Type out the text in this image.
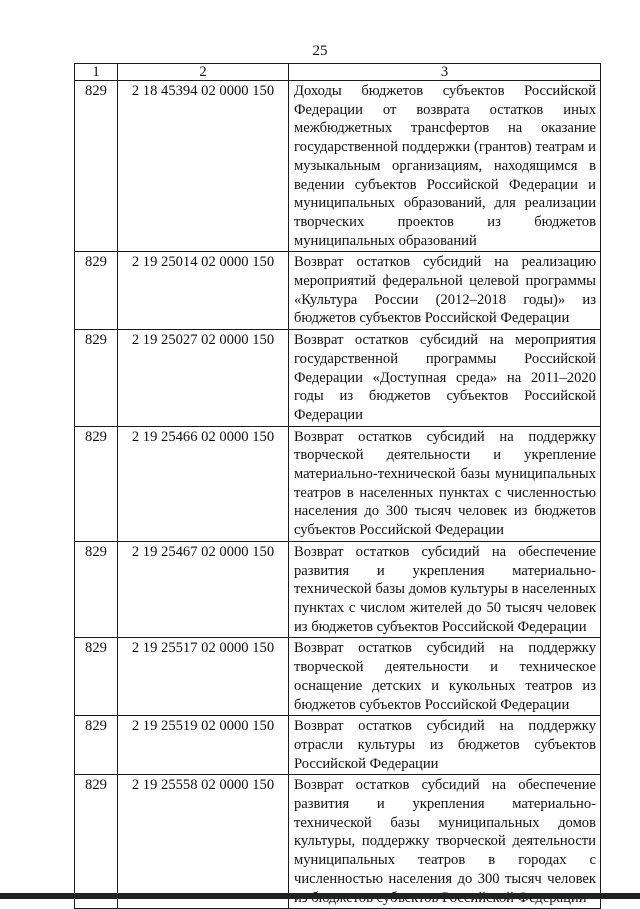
25
1	2	3
829	2 18 45394 02 0000 150	Доходы бюджетов субъектов Российской Федерации от возврата остатков иных межбюджетных трансфертов на оказание государственной поддержки (грантов) театрам и музыкальным организациям, находящимся в ведении субъектов Российской Федерации и муниципальных образований, для реализации творческих проектов из бюджетов муниципальных образований
829	2 19 25014 02 0000 150	Возврат остатков субсидий на реализацию мероприятий федеральной целевой программы «Культура России (2012–2018 годы)» из бюджетов субъектов Российской Федерации
829	2 19 25027 02 0000 150	Возврат остатков субсидий на мероприятия государственной программы Российской Федерации «Доступная среда» на 2011–2020 годы из бюджетов субъектов Российской Федерации
829	2 19 25466 02 0000 150	Возврат остатков субсидий на поддержку творческой деятельности и укрепление материально-технической базы муниципальных театров в населенных пунктах с численностью населения до 300 тысяч человек из бюджетов субъектов Российской Федерации
829	2 19 25467 02 0000 150	Возврат остатков субсидий на обеспечение развития и укрепления материально-технической базы домов культуры в населенных пунктах с числом жителей до 50 тысяч человек из бюджетов субъектов Российской Федерации
829	2 19 25517 02 0000 150	Возврат остатков субсидий на поддержку творческой деятельности и техническое оснащение детских и кукольных театров из бюджетов субъектов Российской Федерации
829	2 19 25519 02 0000 150	Возврат остатков субсидий на поддержку отрасли культуры из бюджетов субъектов Российской Федерации
829	2 19 25558 02 0000 150	Возврат остатков субсидий на обеспечение развития и укрепления материально-технической базы муниципальных домов культуры, поддержку творческой деятельности муниципальных театров в городах с численностью населения до 300 тысяч человек
